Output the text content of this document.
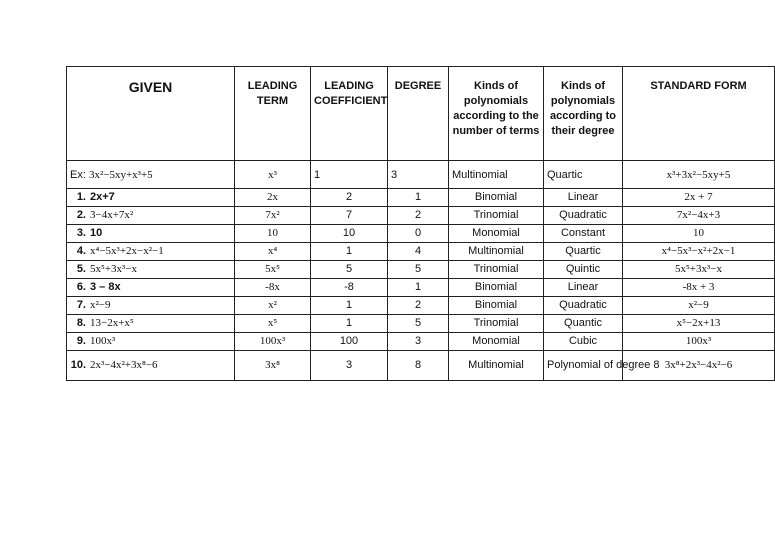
GIVEN	LEADING TERM	LEADING COEFFICIENT	DEGREE	Kinds of polynomials according to the number of terms	Kinds of polynomials according to their degree	STANDARD FORM
Ex: 3x²−5xy+x³+5	x³	1	3	Multinomial	Quartic	x³+3x²−5xy+5
1. 2x+7	2x	2	1	Binomial	Linear	2x + 7
2. 3−4x+7x²	7x²	7	2	Trinomial	Quadratic	7x²−4x+3
3. 10	10	10	0	Monomial	Constant	10
4. x⁴−5x³+2x−x²−1	x⁴	1	4	Multinomial	Quartic	x⁴−5x³−x²+2x−1
5. 5x⁵+3x³−x	5x⁵	5	5	Trinomial	Quintic	5x⁵+3x³−x
6. 3 – 8x	-8x	-8	1	Binomial	Linear	-8x + 3
7. x²−9	x²	1	2	Binomial	Quadratic	x²−9
8. 13−2x+x⁵	x⁵	1	5	Trinomial	Quantic	x⁵−2x+13
9. 100x³	100x³	100	3	Monomial	Cubic	100x³
10. 2x³−4x²+3x⁸−6	3x⁸	3	8	Multinomial	Polynomial of degree 8	3x⁸+2x³−4x²−6
